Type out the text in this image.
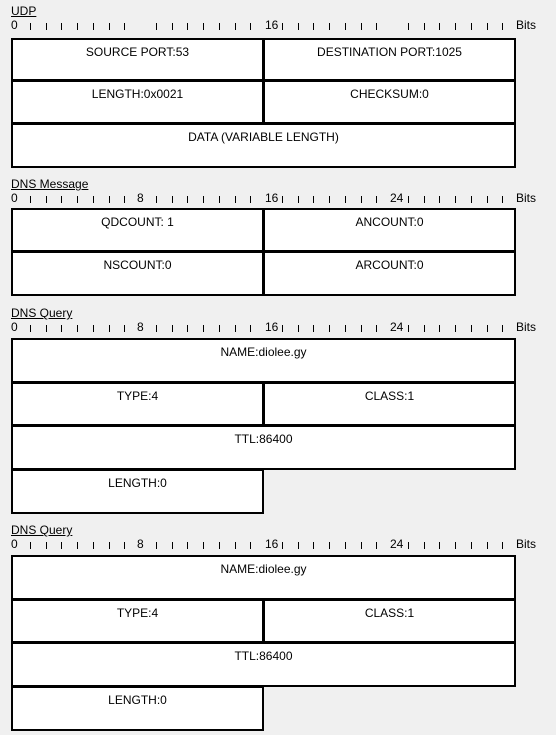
UDP
0	16	Bits
SOURCE PORT:53	DESTINATION PORT:1025
LENGTH:0x0021	CHECKSUM:0
DATA (VARIABLE LENGTH)
DNS Message
0	8	16	24	Bits
QDCOUNT: 1	ANCOUNT:0
NSCOUNT:0	ARCOUNT:0
DNS Query
0	8	16	24	Bits
NAME:diolee.gy
TYPE:4	CLASS:1
TTL:86400
LENGTH:0
DNS Query
0	8	16	24	Bits
NAME:diolee.gy
TYPE:4	CLASS:1
TTL:86400
LENGTH:0
